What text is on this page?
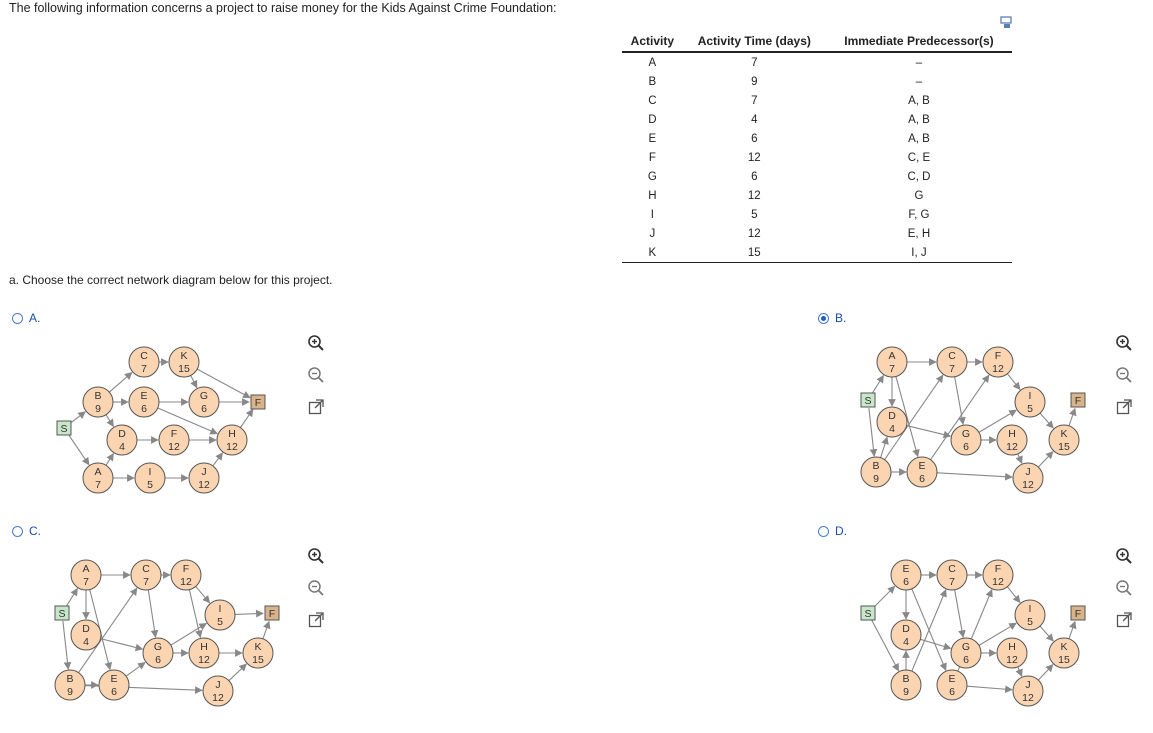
The following information concerns a project to raise money for the Kids Against Crime Foundation:
Activity	Activity Time (days)	Immediate Predecessor(s)
A	7	–
B	9	–
C	7	A, B
D	4	A, B
E	6	A, B
F	12	C, E
G	6	C, D
H	12	G
I	5	F, G
J	12	E, H
K	15	I, J
a. Choose the correct network diagram below for this project.
A.
S
B
9
C
7
E
6
K
15
G
6
D
4
F
12
H
12
A
7
I
5
J
12
F
B.
S
A
7
C
7
F
12
D
4	G
6
I
5
H
12
K
15
B
9
E
6
J
12
F
C.
S
A
7
C
7
F
12
D
4	G
6
I
5
H
12
K
15
B
9
E
6
J
12
F
D.
S
E
6
C
7
F
12
D
4	G
6
I
5
H
12
K
15
B
9
E
6
J
12
F
